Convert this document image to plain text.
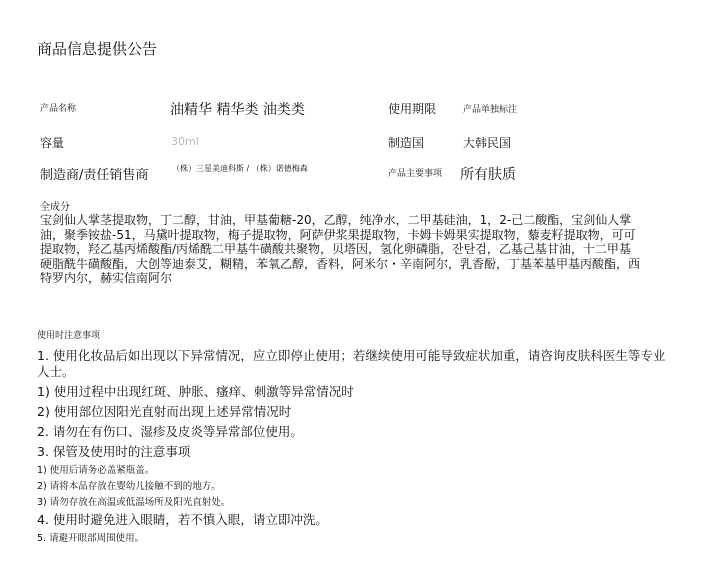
商品信息提供公告
产品名称	油精华 精华类 油类类	使用期限	产品单独标注
容量	30ml	制造国	大韩民国
制造商/责任销售商	（株）三星美迪科斯 / （株）诺德梅森
产品主要事项 所有肤质
全成分
宝剑仙人掌茎提取物，丁二醇，甘油，甲基葡糖-20，乙醇，纯净水，二甲基硅油，1，2-己二酸酯，宝剑仙人掌油，聚季铵盐-51，马黛叶提取物，梅子提取物，阿萨伊浆果提取物，卡姆卡姆果实提取物，藜麦籽提取物，可可提取物，羟乙基丙烯酸酯/丙烯酰二甲基牛磺酸共聚物，贝塔因，氢化卵磷脂，잔탄검，乙基己基甘油，十二甲基硬脂酰牛磺酸酯，大创等迪泰艾，糊精，苯氧乙醇，香料，阿米尔・辛南阿尔，乳香酚，丁基苯基甲基丙酸酯，西特罗内尔，赫实信南阿尔
使用时注意事项
1. 使用化妆品后如出现以下异常情况，应立即停止使用；若继续使用可能导致症状加重，请咨询皮肤科医生等专业人士。
1) 使用过程中出现红斑、肿胀、瘙痒、刺激等异常情况时
2) 使用部位因阳光直射而出现上述异常情况时
2. 请勿在有伤口、湿疹及皮炎等异常部位使用。
3. 保管及使用时的注意事项
1) 使用后请务必盖紧瓶盖。
2) 请将本品存放在婴幼儿接触不到的地方。
3) 请勿存放在高温或低温场所及阳光直射处。
4. 使用时避免进入眼睛，若不慎入眼，请立即冲洗。
5. 请避开眼部周围使用。
